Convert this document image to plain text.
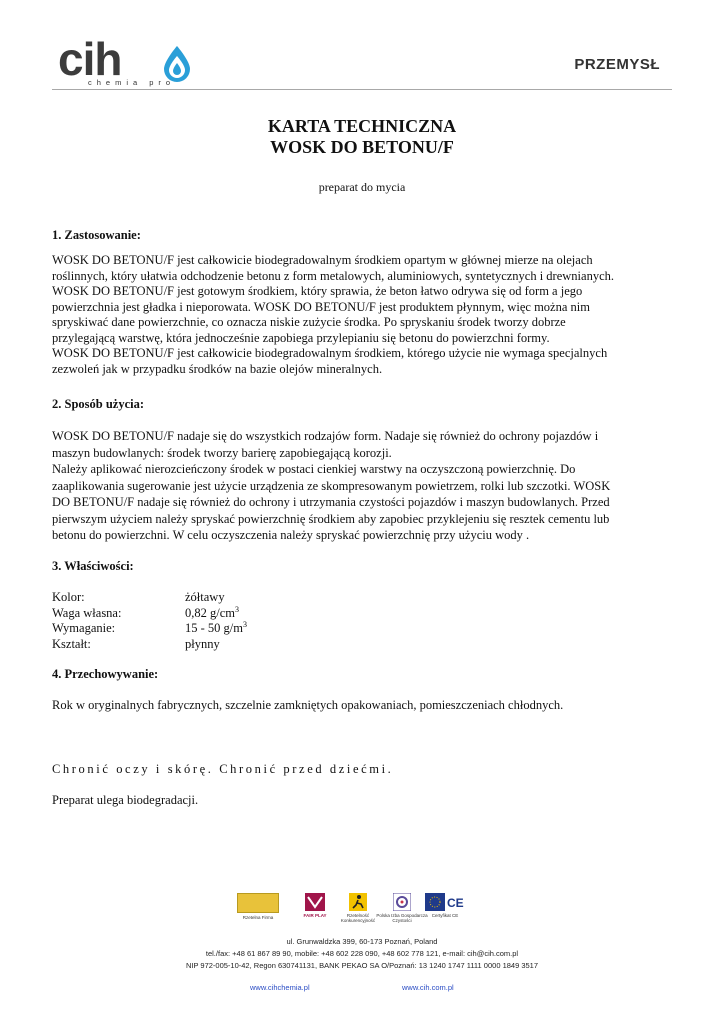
cih
chemia pro
PRZEMYSŁ
KARTA TECHNICZNA
WOSK DO BETONU/F
preparat do mycia
1. Zastosowanie:
WOSK DO BETONU/F jest całkowicie biodegradowalnym środkiem opartym w głównej mierze na olejach
roślinnych, który ułatwia odchodzenie betonu z form metalowych, aluminiowych, syntetycznych i drewnianych.
WOSK DO BETONU/F jest gotowym środkiem, który sprawia, że beton łatwo odrywa się od form a jego
powierzchnia jest gładka i nieporowata. WOSK DO BETONU/F jest produktem płynnym, więc można nim
spryskiwać dane powierzchnie, co oznacza niskie zużycie środka. Po spryskaniu środek tworzy dobrze
przylegającą warstwę, która jednocześnie zapobiega przylepianiu się betonu do powierzchni formy.
WOSK DO BETONU/F jest całkowicie biodegradowalnym środkiem, którego użycie nie wymaga specjalnych
zezwoleń jak w przypadku środków na bazie olejów mineralnych.
2. Sposób użycia:
WOSK DO BETONU/F nadaje się do wszystkich rodzajów form. Nadaje się również do ochrony pojazdów i
maszyn budowlanych: środek tworzy barierę zapobiegającą korozji.
Należy aplikować nierozcieńczony środek w postaci cienkiej warstwy na oczyszczoną powierzchnię. Do
zaaplikowania sugerowanie jest użycie urządzenia ze skompresowanym powietrzem, rolki lub szczotki. WOSK
DO BETONU/F nadaje się również do ochrony i utrzymania czystości pojazdów i maszyn budowlanych. Przed
pierwszym użyciem należy spryskać powierzchnię środkiem aby zapobiec przyklejeniu się resztek cementu lub
betonu do powierzchni. W celu oczyszczenia należy spryskać powierzchnię przy użyciu wody .
3. Właściwości:
Kolor:	żółtawy
Waga własna:	0,82 $g/cm^3$
Wymaganie:	15 - 50 $g/m^3$
Kształt:	płynny
4. Przechowywanie:
Rok w oryginalnych fabrycznych, szczelnie zamkniętych opakowaniach, pomieszczeniach chłodnych.
Chronić oczy i skórę. Chronić przed dziećmi.
Preparat ulega biodegradacji.
Rzetelna Firma	FAIR PLAY	Rzetelność Konkurencyjność
Polska Izba Gospodarcza Czystości
CE
Certyfikat CE
ul. Grunwaldzka 399, 60-173 Poznań, Poland
tel./fax: +48 61 867 89 90, mobile: +48 602 228 090, +48 602 778 121, e-mail: cih@cih.com.pl
NIP 972-005-10-42, Regon 630741131, BANK PEKAO SA O/Poznań: 13 1240 1747 1111 0000 1849 3517
www.cihchemia.pl	www.cih.com.pl
